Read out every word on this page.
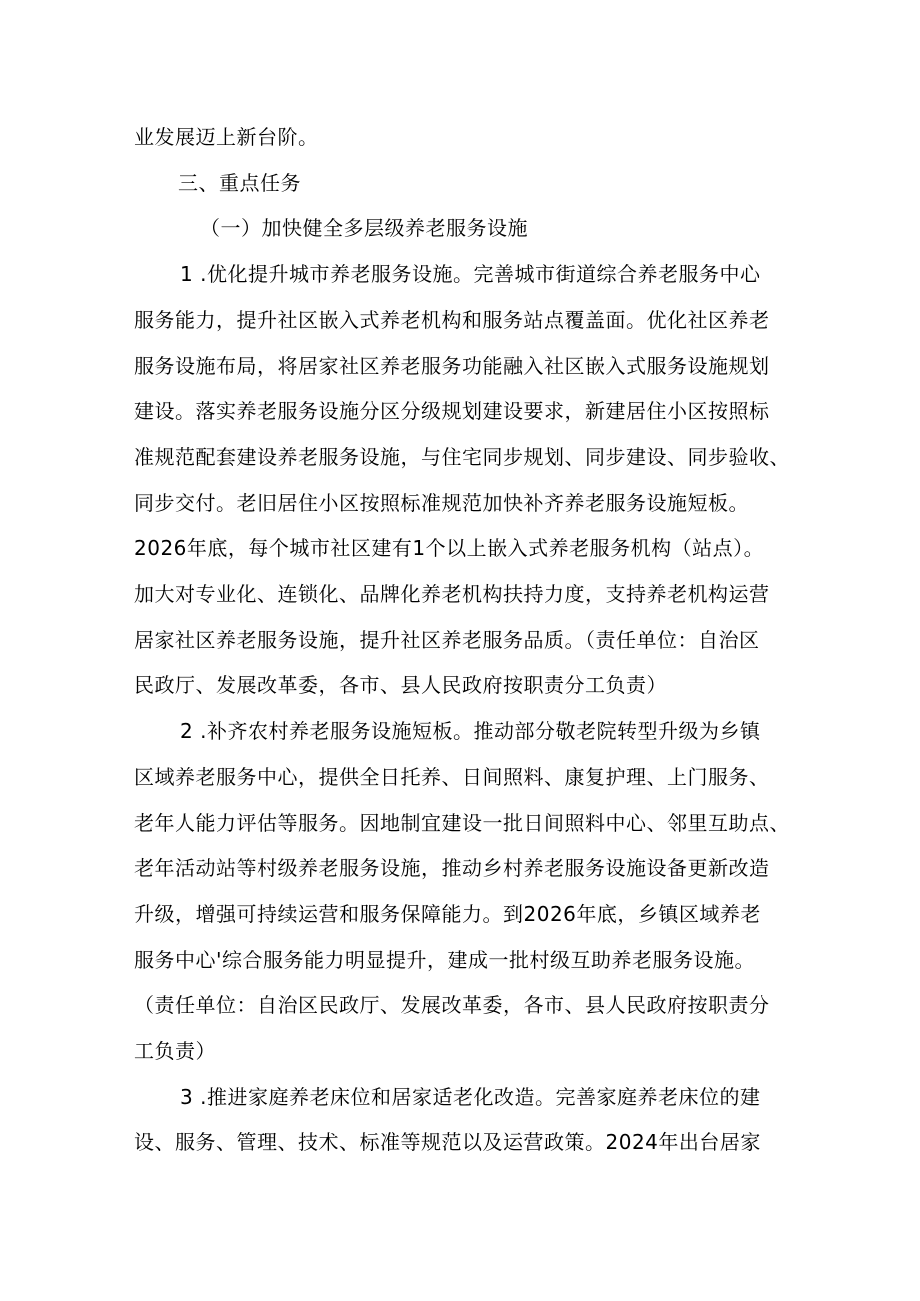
业发展迈上新台阶。
三、重点任务
（一）加快健全多层级养老服务设施
1 .优化提升城市养老服务设施。完善城市街道综合养老服务中心
服务能力，提升社区嵌入式养老机构和服务站点覆盖面。优化社区养老
服务设施布局，将居家社区养老服务功能融入社区嵌入式服务设施规划
建设。落实养老服务设施分区分级规划建设要求，新建居住小区按照标
准规范配套建设养老服务设施，与住宅同步规划、同步建设、同步验收、
同步交付。老旧居住小区按照标准规范加快补齐养老服务设施短板。
2026年底，每个城市社区建有1个以上嵌入式养老服务机构（站点）。
加大对专业化、连锁化、品牌化养老机构扶持力度，支持养老机构运营
居家社区养老服务设施，提升社区养老服务品质。（责任单位：自治区
民政厅、发展改革委，各市、县人民政府按职责分工负责）
2 .补齐农村养老服务设施短板。推动部分敬老院转型升级为乡镇
区域养老服务中心，提供全日托养、日间照料、康复护理、上门服务、
老年人能力评估等服务。因地制宜建设一批日间照料中心、邻里互助点、
老年活动站等村级养老服务设施，推动乡村养老服务设施设备更新改造
升级，增强可持续运营和服务保障能力。到2026年底，乡镇区域养老
服务中心'综合服务能力明显提升，建成一批村级互助养老服务设施。
（责任单位：自治区民政厅、发展改革委，各市、县人民政府按职责分
工负责）
3 .推进家庭养老床位和居家适老化改造。完善家庭养老床位的建
设、服务、管理、技术、标准等规范以及运营政策。2024年出台居家
